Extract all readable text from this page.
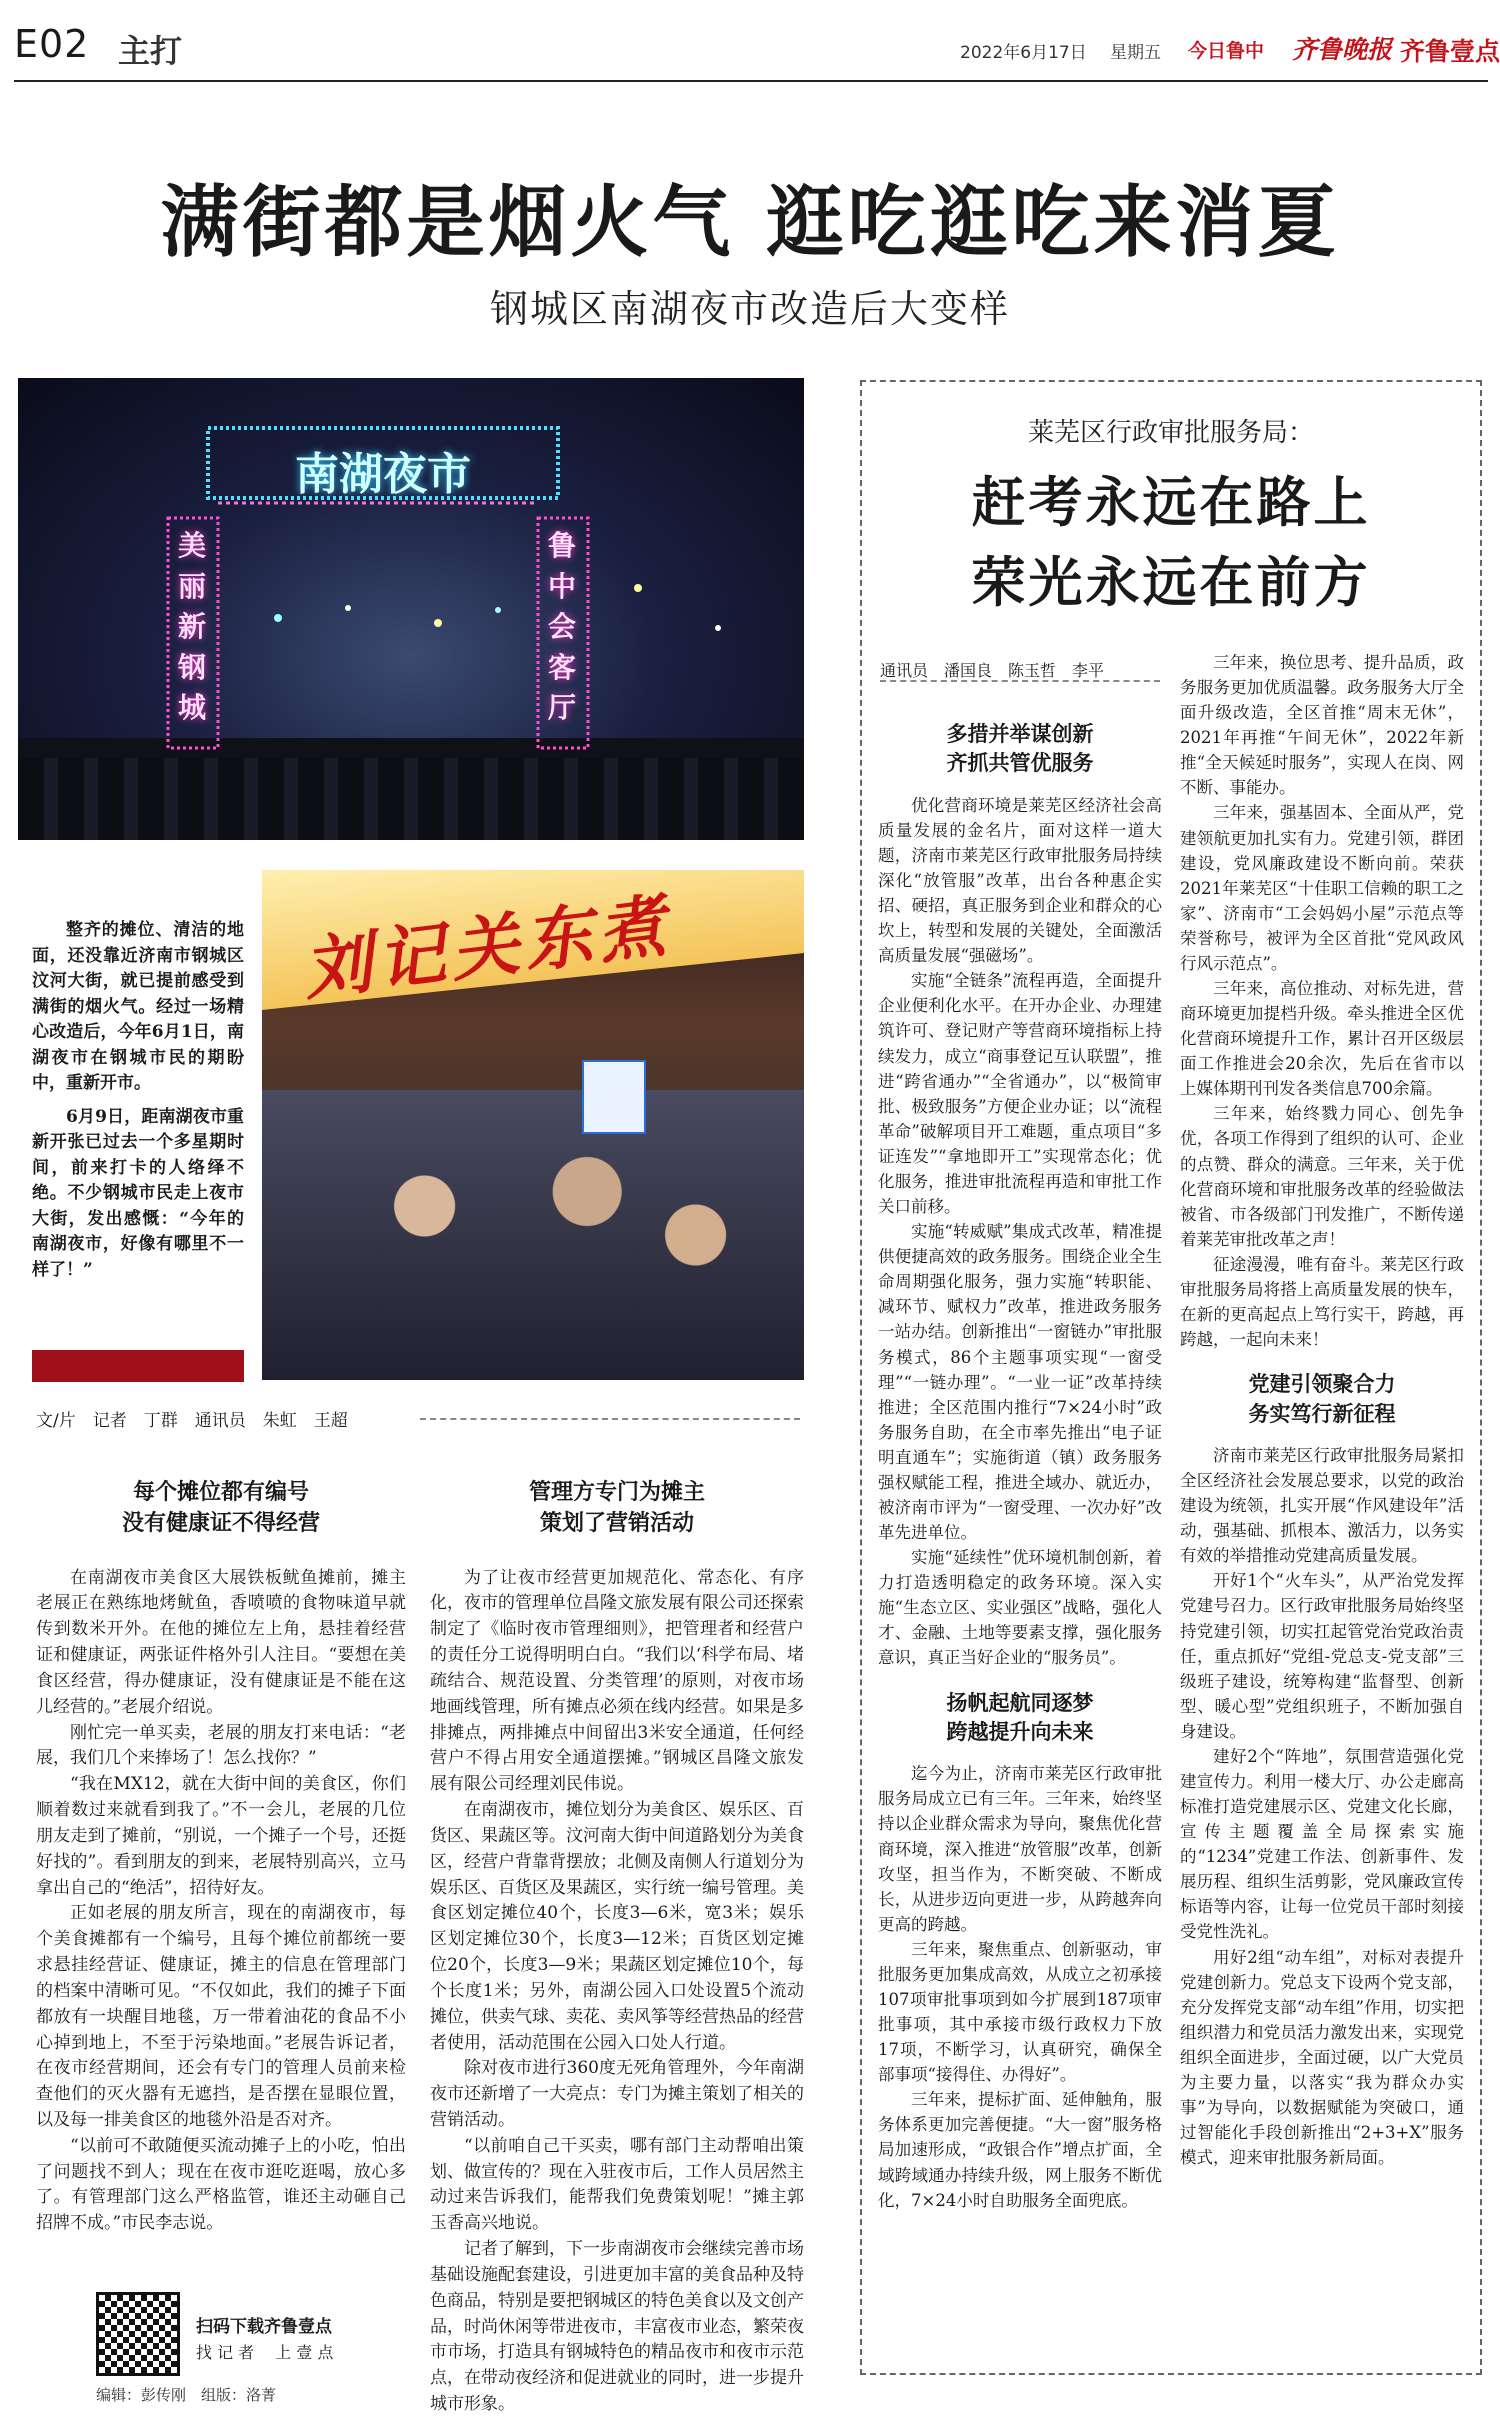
E02 主打	2022年6月17日 星期五 今日鲁中 齐鲁晚报 齐鲁壹点
满街都是烟火气 逛吃逛吃来消夏
钢城区南湖夜市改造后大变样
南湖夜市
美丽新钢城
鲁中会客厅
刘记关东煮

整齐的摊位、清洁的地面，还没靠近济南市钢城区汶河大街，就已提前感受到满街的烟火气。经过一场精心改造后，今年6月1日，南湖夜市在钢城市民的期盼中，重新开市。

6月9日，距南湖夜市重新开张已过去一个多星期时间，前来打卡的人络绎不绝。不少钢城市民走上夜市大街，发出感慨：“今年的南湖夜市，好像有哪里不一样了！”

文/片　记者　丁群　通讯员　朱虹　王超
每个摊位都有编号
没有健康证不得经营

在南湖夜市美食区大展铁板鱿鱼摊前，摊主老展正在熟练地烤鱿鱼，香喷喷的食物味道早就传到数米开外。在他的摊位左上角，悬挂着经营证和健康证，两张证件格外引人注目。“要想在美食区经营，得办健康证，没有健康证是不能在这儿经营的。”老展介绍说。

刚忙完一单买卖，老展的朋友打来电话：“老展，我们几个来捧场了！怎么找你？”

“我在MX12，就在大街中间的美食区，你们顺着数过来就看到我了。”不一会儿，老展的几位朋友走到了摊前，“别说，一个摊子一个号，还挺好找的”。看到朋友的到来，老展特别高兴，立马拿出自己的“绝活”，招待好友。

正如老展的朋友所言，现在的南湖夜市，每个美食摊都有一个编号，且每个摊位前都统一要求悬挂经营证、健康证，摊主的信息在管理部门的档案中清晰可见。“不仅如此，我们的摊子下面都放有一块醒目地毯，万一带着油花的食品不小心掉到地上，不至于污染地面。”老展告诉记者，在夜市经营期间，还会有专门的管理人员前来检查他们的灭火器有无遮挡，是否摆在显眼位置，以及每一排美食区的地毯外沿是否对齐。

“以前可不敢随便买流动摊子上的小吃，怕出了问题找不到人；现在在夜市逛吃逛喝，放心多了。有管理部门这么严格监管，谁还主动砸自己招牌不成。”市民李志说。

管理方专门为摊主
策划了营销活动

为了让夜市经营更加规范化、常态化、有序化，夜市的管理单位昌隆文旅发展有限公司还探索制定了《临时夜市管理细则》，把管理者和经营户的责任分工说得明明白白。“我们以‘科学布局、堵疏结合、规范设置、分类管理’的原则，对夜市场地画线管理，所有摊点必须在线内经营。如果是多排摊点，两排摊点中间留出3米安全通道，任何经营户不得占用安全通道摆摊。”钢城区昌隆文旅发展有限公司经理刘民伟说。

在南湖夜市，摊位划分为美食区、娱乐区、百货区、果蔬区等。汶河南大街中间道路划分为美食区，经营户背靠背摆放；北侧及南侧人行道划分为娱乐区、百货区及果蔬区，实行统一编号管理。美食区划定摊位40个，长度3—6米，宽3米；娱乐区划定摊位30个，长度3—12米；百货区划定摊位20个，长度3—9米；果蔬区划定摊位10个，每个长度1米；另外，南湖公园入口处设置5个流动摊位，供卖气球、卖花、卖风筝等经营热品的经营者使用，活动范围在公园入口处人行道。

除对夜市进行360度无死角管理外，今年南湖夜市还新增了一大亮点：专门为摊主策划了相关的营销活动。

“以前咱自己干买卖，哪有部门主动帮咱出策划、做宣传的？现在入驻夜市后，工作人员居然主动过来告诉我们，能帮我们免费策划呢！”摊主郭玉香高兴地说。

记者了解到，下一步南湖夜市会继续完善市场基础设施配套建设，引进更加丰富的美食品种及特色商品，特别是要把钢城区的特色美食以及文创产品，时尚休闲等带进夜市，丰富夜市业态，繁荣夜市市场，打造具有钢城特色的精品夜市和夜市示范点，在带动夜经济和促进就业的同时，进一步提升城市形象。

扫码下载齐鲁壹点
找 记 者 　上 壹 点
编辑：彭传刚　组版：洛菁
莱芜区行政审批服务局：
赶考永远在路上
荣光永远在前方
通讯员　潘国良　陈玉哲　李平
多措并举谋创新
齐抓共管优服务

优化营商环境是莱芜区经济社会高质量发展的金名片，面对这样一道大题，济南市莱芜区行政审批服务局持续深化“放管服”改革，出台各种惠企实招、硬招，真正服务到企业和群众的心坎上，转型和发展的关键处，全面激活高质量发展“强磁场”。

实施“全链条”流程再造，全面提升企业便利化水平。在开办企业、办理建筑许可、登记财产等营商环境指标上持续发力，成立“商事登记互认联盟”，推进“跨省通办”“全省通办”，以“极简审批、极致服务”方便企业办证；以“流程革命”破解项目开工难题，重点项目“多证连发”“拿地即开工”实现常态化；优化服务，推进审批流程再造和审批工作关口前移。

实施“转威赋”集成式改革，精准提供便捷高效的政务服务。围绕企业全生命周期强化服务，强力实施“转职能、减环节、赋权力”改革，推进政务服务一站办结。创新推出“一窗链办”审批服务模式，86个主题事项实现“一窗受理”“一链办理”。“一业一证”改革持续推进；全区范围内推行“7×24小时”政务服务自助，在全市率先推出“电子证明直通车”；实施街道（镇）政务服务强权赋能工程，推进全域办、就近办，被济南市评为“一窗受理、一次办好”改革先进单位。

实施“延续性”优环境机制创新，着力打造透明稳定的政务环境。深入实施“生态立区、实业强区”战略，强化人才、金融、土地等要素支撑，强化服务意识，真正当好企业的“服务员”。

扬帆起航同逐梦
跨越提升向未来

迄今为止，济南市莱芜区行政审批服务局成立已有三年。三年来，始终坚持以企业群众需求为导向，聚焦优化营商环境，深入推进“放管服”改革，创新攻坚，担当作为，不断突破、不断成长，从进步迈向更进一步，从跨越奔向更高的跨越。

三年来，聚焦重点、创新驱动，审批服务更加集成高效，从成立之初承接107项审批事项到如今扩展到187项审批事项，其中承接市级行政权力下放17项，不断学习，认真研究，确保全部事项“接得住、办得好”。

三年来，提标扩面、延伸触角，服务体系更加完善便捷。“大一窗”服务格局加速形成，“政银合作”增点扩面，全域跨域通办持续升级，网上服务不断优化，7×24小时自助服务全面兜底。

三年来，换位思考、提升品质，政务服务更加优质温馨。政务服务大厅全面升级改造，全区首推“周末无休”，2021年再推“午间无休”，2022年新推“全天候延时服务”，实现人在岗、网不断、事能办。

三年来，强基固本、全面从严，党建领航更加扎实有力。党建引领，群团建设，党风廉政建设不断向前。荣获2021年莱芜区“十佳职工信赖的职工之家”、济南市“工会妈妈小屋”示范点等荣誉称号，被评为全区首批“党风政风行风示范点”。

三年来，高位推动、对标先进，营商环境更加提档升级。牵头推进全区优化营商环境提升工作，累计召开区级层面工作推进会20余次，先后在省市以上媒体期刊刊发各类信息700余篇。

三年来，始终戮力同心、创先争优，各项工作得到了组织的认可、企业的点赞、群众的满意。三年来，关于优化营商环境和审批服务改革的经验做法被省、市各级部门刊发推广，不断传递着莱芜审批改革之声！

征途漫漫，唯有奋斗。莱芜区行政审批服务局将搭上高质量发展的快车，在新的更高起点上笃行实干，跨越，再跨越，一起向未来！

党建引领聚合力
务实笃行新征程

济南市莱芜区行政审批服务局紧扣全区经济社会发展总要求，以党的政治建设为统领，扎实开展“作风建设年”活动，强基础、抓根本、激活力，以务实有效的举措推动党建高质量发展。

开好1个“火车头”，从严治党发挥党建号召力。区行政审批服务局始终坚持党建引领，切实扛起管党治党政治责任，重点抓好“党组-党总支-党支部”三级班子建设，统筹构建“监督型、创新型、暖心型”党组织班子，不断加强自身建设。

建好2个“阵地”，氛围营造强化党建宣传力。利用一楼大厅、办公走廊高标准打造党建展示区、党建文化长廊，宣传主题覆盖全局探索实施的“1234”党建工作法、创新事件、发展历程、组织生活剪影，党风廉政宣传标语等内容，让每一位党员干部时刻接受党性洗礼。

用好2组“动车组”，对标对表提升党建创新力。党总支下设两个党支部，充分发挥党支部“动车组”作用，切实把组织潜力和党员活力激发出来，实现党组织全面进步，全面过硬，以广大党员为主要力量，以落实“我为群众办实事”为导向，以数据赋能为突破口，通过智能化手段创新推出“2+3+X”服务模式，迎来审批服务新局面。
